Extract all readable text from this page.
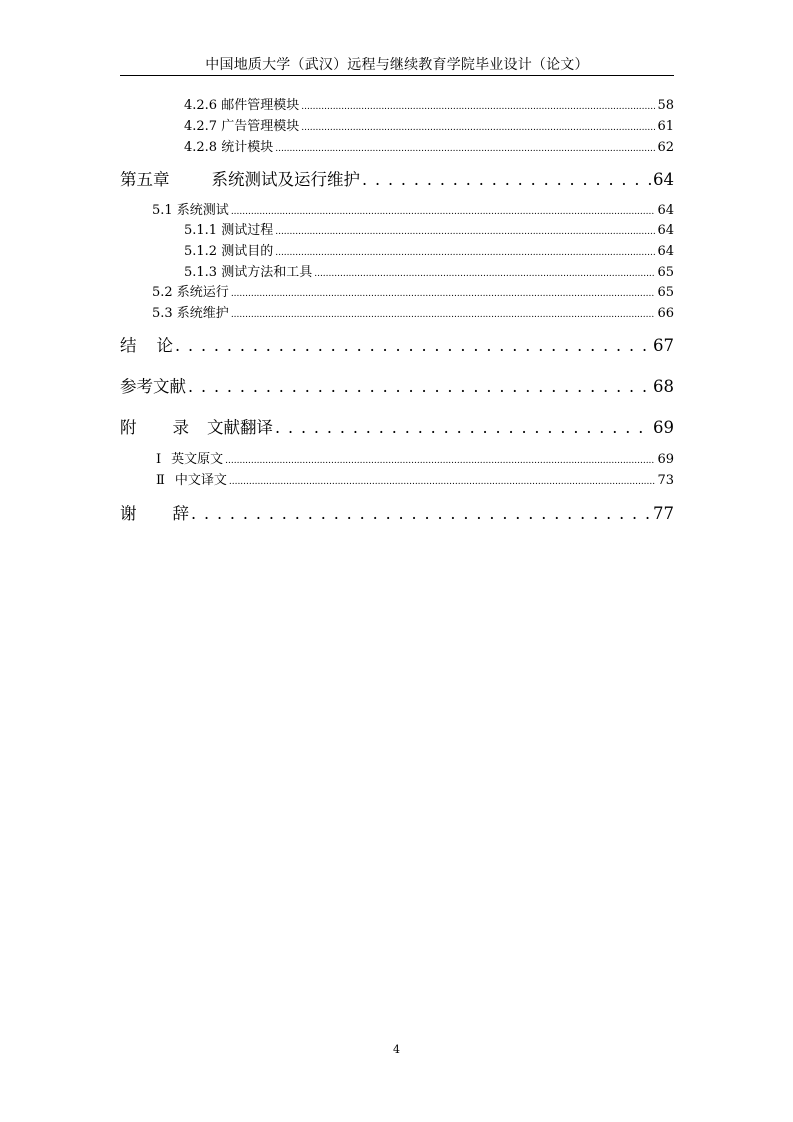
中国地质大学（武汉）远程与继续教育学院毕业设计（论文）
4.2.6 邮件管理模块 .....	58
4.2.7 广告管理模块 .....	61
4.2.8 统计模块 .....	62
第五章	系统测试及运行维护 . . .	64
5.1 系统测试 .....	64
5.1.1 测试过程 .....	64
5.1.2 测试目的 .....	64
5.1.3 测试方法和工具 .....	65
5.2 系统运行 .....	65
5.3 系统维护 .....	66
结 论 . . .	67
参考文献 . . .	68
附 录 文献翻译 . . .	69
Ⅰ 英文原文 .....	69
Ⅱ 中文译文 .....	73
谢 辞 . . .	77
4
